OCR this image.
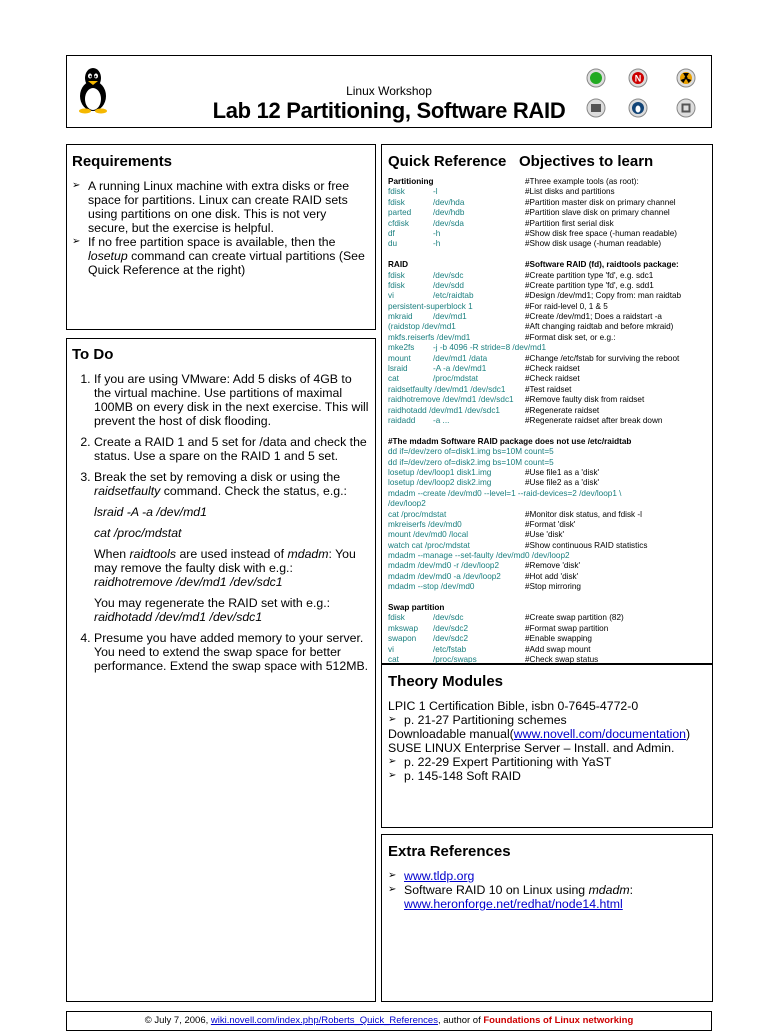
Linux Workshop
Lab 12 Partitioning, Software RAID
N
Requirements
➢ A running Linux machine with extra disks or free space for partitions. Linux can create RAID sets using partitions on one disk. This is not very secure, but the exercise is helpful.
➢ If no free partition space is available, then the losetup command can create virtual partitions (See Quick Reference at the right)
To Do
1. If you are using VMware: Add 5 disks of 4GB to the virtual machine. Use partitions of maximal 100MB on every disk in the next exercise. This will prevent the host of disk flooding.
2. Create a RAID 1 and 5 set for /data and check the status. Use a spare on the RAID 1 and 5 set.
3. Break the set by removing a disk or using the raidsetfaulty command. Check the status, e.g.:
lsraid -A -a /dev/md1
cat /proc/mdstat
When raidtools are used instead of mdadm: You may remove the faulty disk with e.g.:
raidhotremove /dev/md1 /dev/sdc1
You may regenerate the RAID set with e.g.:
raidhotadd /dev/md1 /dev/sdc1
4. Presume you have added memory to your server. You need to extend the swap space for better performance. Extend the swap space with 512MB.
Quick Reference Objectives to learn
Partitioning	#Three example tools (as root):
fdisk	-l	#List disks and partitions
fdisk	/dev/hda	#Partition master disk on primary channel
parted	/dev/hdb	#Partition slave disk on primary channel
cfdisk	/dev/sda	#Partition first serial disk
df	-h	#Show disk free space (-human readable)
du	-h	#Show disk usage (-human readable)
RAID	#Software RAID (fd), raidtools package:
fdisk	/dev/sdc	#Create partition type 'fd', e.g. sdc1
fdisk	/dev/sdd	#Create partition type 'fd', e.g. sdd1
vi	/etc/raidtab	#Design /dev/md1; Copy from: man raidtab
persistent-superblock 1	#For raid-level 0, 1 & 5
mkraid /dev/md1	#Create /dev/md1; Does a raidstart -a
(raidstop /dev/md1	#Aft changing raidtab and before mkraid)
mkfs.reiserfs /dev/md1	#Format disk set, or e.g.:
mke2fs -j -b 4096 -R stride=8 /dev/md1
mount	/dev/md1 /data	#Change /etc/fstab for surviving the reboot
lsraid	-A -a /dev/md1	#Check raidset
cat	/proc/mdstat	#Check raidset
raidsetfaulty /dev/md1 /dev/sdc1 #Test raidset
raidhotremove /dev/md1 /dev/sdc1 #Remove faulty disk from raidset
raidhotadd /dev/md1 /dev/sdc1	#Regenerate raidset
raidadd -a ...	#Regenerate raidset after break down
#The mdadm Software RAID package does not use /etc/raidtab
dd if=/dev/zero of=disk1.img bs=10M count=5
dd if=/dev/zero of=disk2.img bs=10M count=5
losetup /dev/loop1 disk1.img	#Use file1 as a 'disk'
losetup /dev/loop2 disk2.img	#Use file2 as a 'disk'
mdadm --create /dev/md0 --level=1 --raid-devices=2 /dev/loop1 \
/dev/loop2
cat /proc/mdstat	#Monitor disk status, and fdisk -l
mkreiserfs /dev/md0	#Format 'disk'
mount /dev/md0 /local	#Use 'disk'
watch cat /proc/mdstat	#Show continuous RAID statistics
mdadm --manage --set-faulty /dev/md0 /dev/loop2
mdadm /dev/md0 -r /dev/loop2	#Remove 'disk'
mdadm /dev/md0 -a /dev/loop2	#Hot add 'disk'
mdadm --stop /dev/md0	#Stop mirroring
Swap partition
fdisk	/dev/sdc	#Create swap partition (82)
mkswap /dev/sdc2	#Format swap partition
swapon /dev/sdc2	#Enable swapping
vi	/etc/fstab	#Add swap mount
cat	/proc/swaps	#Check swap status
Theory Modules
LPIC 1 Certification Bible, isbn 0-7645-4772-0
➢ p. 21-27 Partitioning schemes
Downloadable manual(www.novell.com/documentation)
SUSE LINUX Enterprise Server – Install. and Admin.
➢ p. 22-29 Expert Partitioning with YaST
➢ p. 145-148 Soft RAID
Extra References
➢ www.tldp.org
➢ Software RAID 10 on Linux using mdadm:
www.heronforge.net/redhat/node14.html
© July 7, 2006, wiki.novell.com/index.php/Roberts_Quick_References, author of Foundations of Linux networking
